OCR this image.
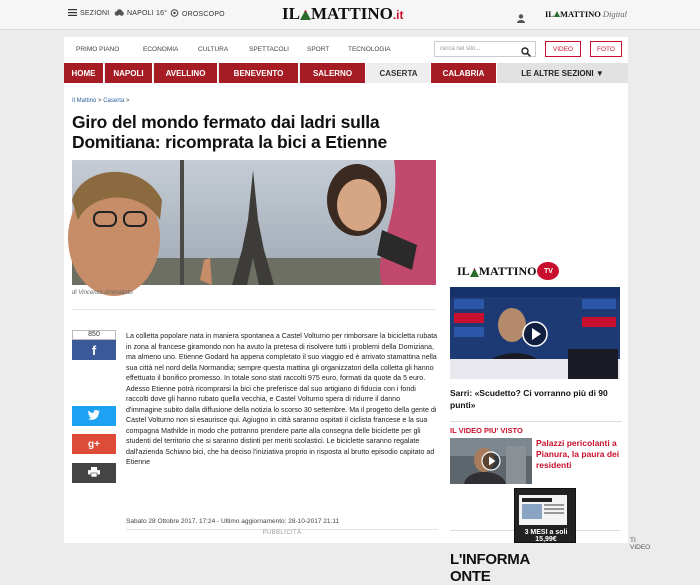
SEZIONI	NAPOLI 16° OROSCOPO	IL MATTINO.it	IL MATTINO Digital
PRIMO PIANO	ECONOMIA	CULTURA	SPETTACOLI	SPORT	TECNOLOGIA	cerca nel sito...	VIDEO	FOTO
HOME	NAPOLI	AVELLINO	BENEVENTO	SALERNO	CASERTA	CALABRIA	LE ALTRE SEZIONI ▼
Il Mattino > Caserta >
Giro del mondo fermato dai ladri sulla Domitiana: ricomprata la bici a Etienne
di Vincenzo Ammaliato
850
f
g+

La colletta popolare nata in maniera spontanea a Castel Volturno per rimborsare la bicicletta rubata in zona al francese giramondo non ha avuto la pretesa di risolvere tutti i problemi della Domiziana, ma almeno uno. Etienne Godard ha appena completato il suo viaggio ed è arrivato stamattina nella sua città nel nord della Normandia; sempre questa mattina gli organizzatori della colletta gli hanno effettuato il bonifico promesso. In totale sono stati raccolti 975 euro, formati da quote da 5 euro. Adesso Etienne potrà ricomprarsi la bici che preferisce dal suo artigiano di fiducia con i fondi raccolti dove gli hanno rubato quella vecchia, e Castel Volturno spera di ridurre il danno d'immagine subito dalla diffusione della notizia lo scorso 30 settembre. Ma il progetto della gente di Castel Volturno non si esaurisce qui. Agiugno in città saranno ospitati il ciclista francese e la sua compagna Mathilde in modo che potranno prendere parte alla consegna delle biciclette per gli studenti del territorio che si saranno distinti per meriti scolastici. Le biciclette saranno regalate dall'azienda Schiano bici, che ha deciso l'iniziativa proprio in risposta al brutto episodio capitato ad Etienne

Sabato 28 Ottobre 2017, 17:24 - Ultimo aggiornamento: 28-10-2017 21:11
PUBBLICITÀ
IL MATTINO	TV
Sarri: «Scudetto? Ci vorranno più di 90 punti»
IL VIDEO PIU' VISTO
Palazzi pericolanti a Pianura, la paura dei residenti
L'INFORMAONTE
TI VIDEO
3 MESI a soli 15,99€
